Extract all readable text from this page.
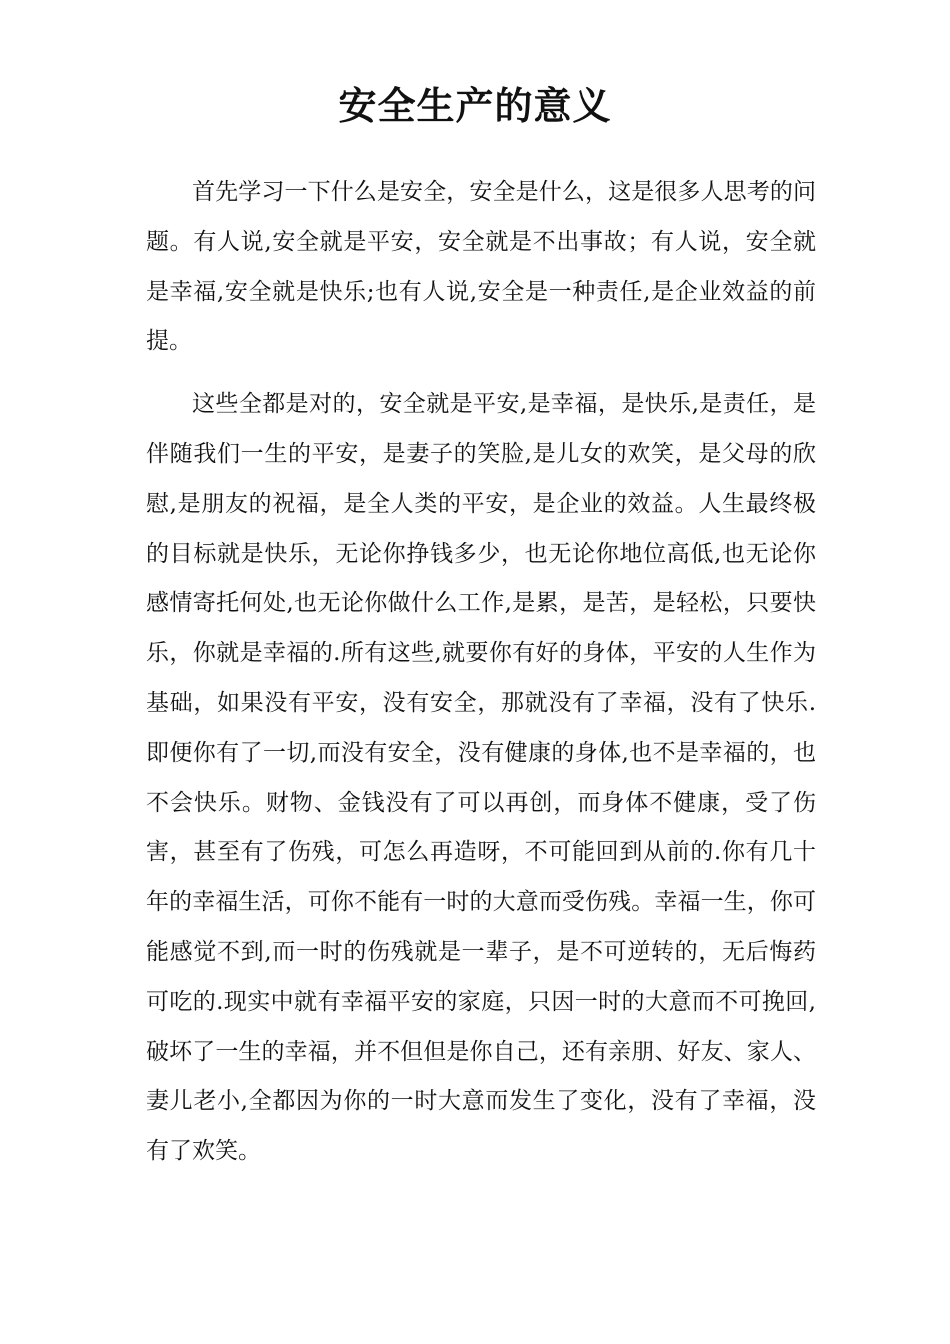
安全生产的意义

首先学习一下什么是安全，安全是什么，这是很多人思考的问题。有人说,安全就是平安，安全就是不出事故；有人说，安全就是幸福,安全就是快乐;也有人说,安全是一种责任,是企业效益的前提。

这些全都是对的，安全就是平安,是幸福，是快乐,是责任，是伴随我们一生的平安，是妻子的笑脸,是儿女的欢笑，是父母的欣慰,是朋友的祝福，是全人类的平安，是企业的效益。人生最终极的目标就是快乐，无论你挣钱多少，也无论你地位高低,也无论你感情寄托何处,也无论你做什么工作,是累，是苦，是轻松，只要快乐，你就是幸福的.所有这些,就要你有好的身体，平安的人生作为基础，如果没有平安，没有安全，那就没有了幸福，没有了快乐.即便你有了一切,而没有安全，没有健康的身体,也不是幸福的，也不会快乐。财物、金钱没有了可以再创，而身体不健康，受了伤害，甚至有了伤残，可怎么再造呀，不可能回到从前的.你有几十年的幸福生活，可你不能有一时的大意而受伤残。幸福一生，你可能感觉不到,而一时的伤残就是一辈子，是不可逆转的，无后悔药可吃的.现实中就有幸福平安的家庭，只因一时的大意而不可挽回,破坏了一生的幸福，并不但但是你自己，还有亲朋、好友、家人、妻儿老小,全都因为你的一时大意而发生了变化，没有了幸福，没有了欢笑。
